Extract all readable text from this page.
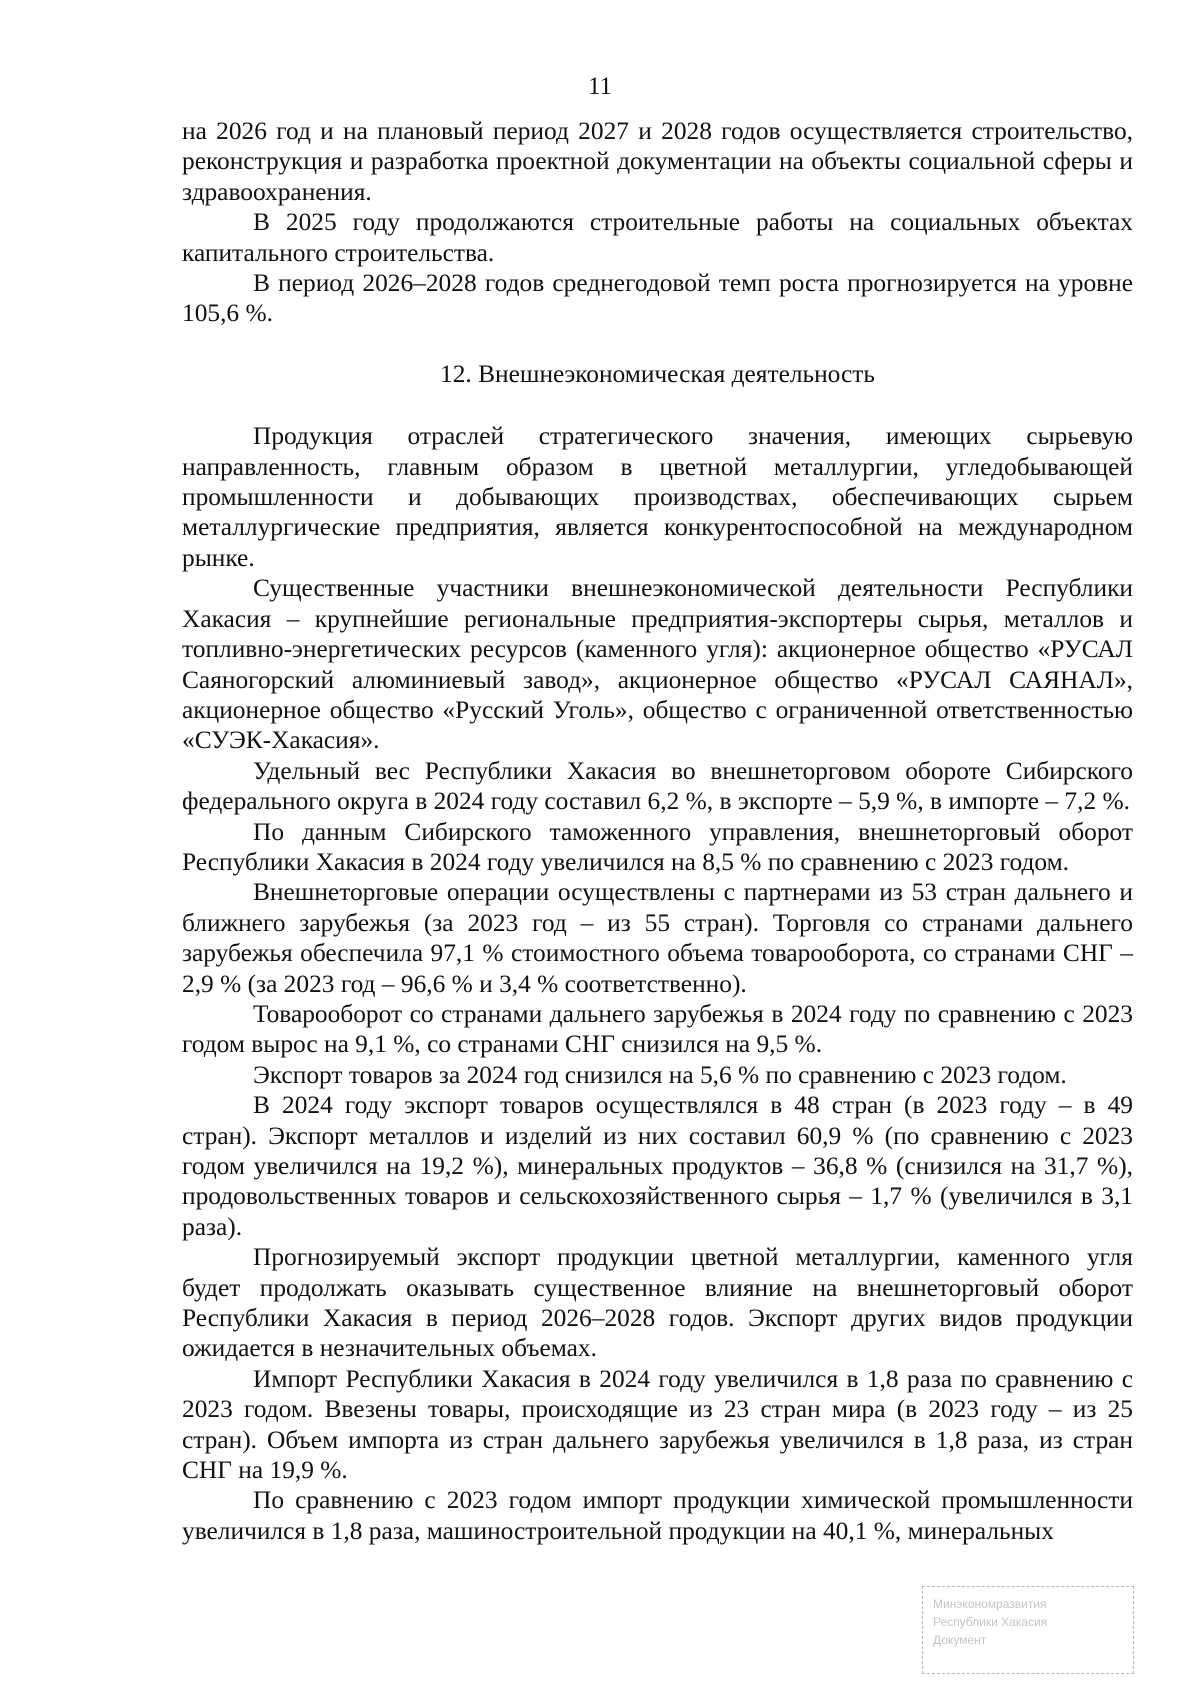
11

на 2026 год и на плановый период 2027 и 2028 годов осуществляется строительство, реконструкция и разработка проектной документации на объекты социальной сферы и здравоохранения.

В 2025 году продолжаются строительные работы на социальных объектах капитального строительства.

В период 2026–2028 годов среднегодовой темп роста прогнозируется на уровне 105,6 %.

12. Внешнеэкономическая деятельность

Продукция отраслей стратегического значения, имеющих сырьевую направленность, главным образом в цветной металлургии, угледобывающей промышленности и добывающих производствах, обеспечивающих сырьем металлургические предприятия, является конкурентоспособной на международном рынке.

Существенные участники внешнеэкономической деятельности Республики Хакасия – крупнейшие региональные предприятия-экспортеры сырья, металлов и топливно-энергетических ресурсов (каменного угля): акционерное общество «РУСАЛ Саяногорский алюминиевый завод», акционерное общество «РУСАЛ САЯНАЛ», акционерное общество «Русский Уголь», общество с ограниченной ответственностью «СУЭК-Хакасия».

Удельный вес Республики Хакасия во внешнеторговом обороте Сибирского федерального округа в 2024 году составил 6,2 %, в экспорте – 5,9 %, в импорте – 7,2 %.

По данным Сибирского таможенного управления, внешнеторговый оборот Республики Хакасия в 2024 году увеличился на 8,5 % по сравнению с 2023 годом.

Внешнеторговые операции осуществлены с партнерами из 53 стран дальнего и ближнего зарубежья (за 2023 год – из 55 стран). Торговля со странами дальнего зарубежья обеспечила 97,1 % стоимостного объема товарооборота, со странами СНГ – 2,9 % (за 2023 год – 96,6 % и 3,4 % соответственно).

Товарооборот со странами дальнего зарубежья в 2024 году по сравнению с 2023 годом вырос на 9,1 %, со странами СНГ снизился на 9,5 %.

Экспорт товаров за 2024 год снизился на 5,6 % по сравнению с 2023 годом.

В 2024 году экспорт товаров осуществлялся в 48 стран (в 2023 году – в 49 стран). Экспорт металлов и изделий из них составил 60,9 % (по сравнению с 2023 годом увеличился на 19,2 %), минеральных продуктов – 36,8 % (снизился на 31,7 %), продовольственных товаров и сельскохозяйственного сырья – 1,7 % (увеличился в 3,1 раза).

Прогнозируемый экспорт продукции цветной металлургии, каменного угля будет продолжать оказывать существенное влияние на внешнеторговый оборот Республики Хакасия в период 2026–2028 годов. Экспорт других видов продукции ожидается в незначительных объемах.

Импорт Республики Хакасия в 2024 году увеличился в 1,8 раза по сравнению с 2023 годом. Ввезены товары, происходящие из 23 стран мира (в 2023 году – из 25 стран). Объем импорта из стран дальнего зарубежья увеличился в 1,8 раза, из стран СНГ на 19,9 %.

По сравнению с 2023 годом импорт продукции химической промышленности увеличился в 1,8 раза, машиностроительной продукции на 40,1 %, минеральных

Минэкономразвития
Республики Хакасия
Документ
